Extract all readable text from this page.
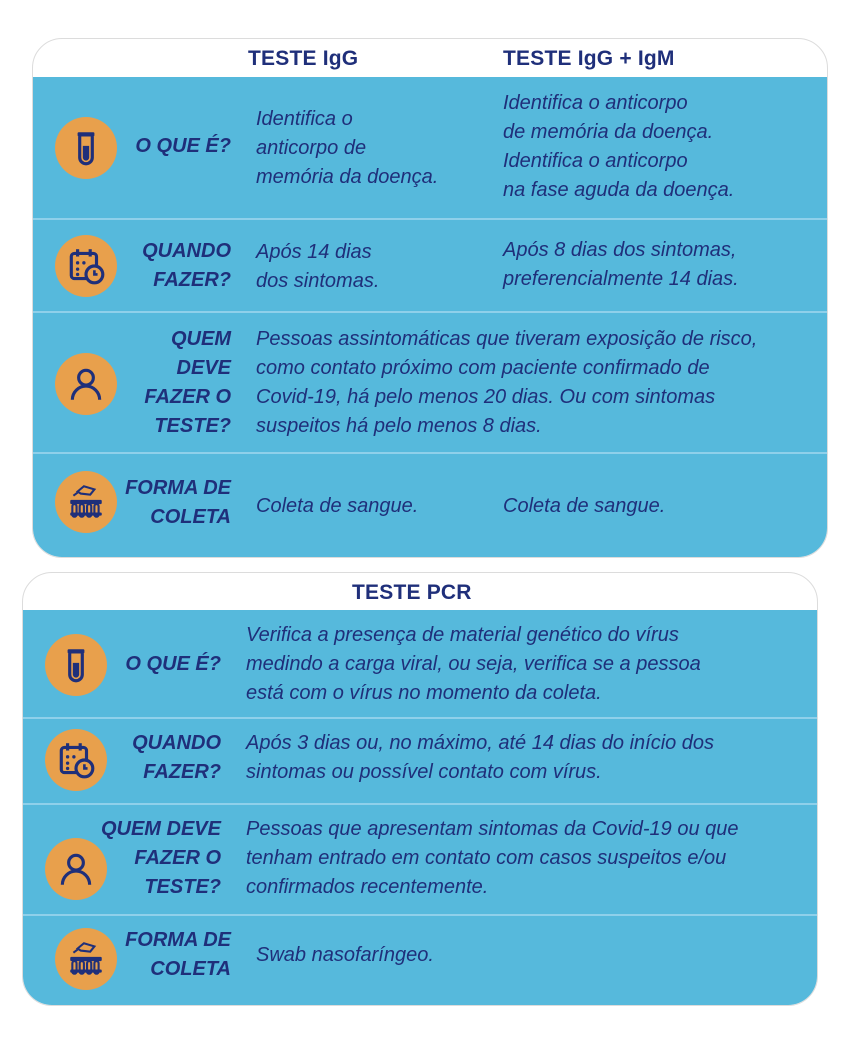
TESTE IgG	TESTE IgG + IgM
O QUE É?
Identifica o
anticorpo de
memória da doença.
Identifica o anticorpo
de memória da doença.
Identifica o anticorpo
na fase aguda da doença.
QUANDO
FAZER?
Após 14 dias
dos sintomas.
Após 8 dias dos sintomas,
preferencialmente 14 dias.
QUEM
DEVE
FAZER O
TESTE?
Pessoas assintomáticas que tiveram exposição de risco,
como contato próximo com paciente confirmado de
Covid-19, há pelo menos 20 dias. Ou com sintomas
suspeitos há pelo menos 8 dias.
FORMA DE
COLETA Coleta de sangue.	Coleta de sangue.
TESTE PCR
O QUE É?
Verifica a presença de material genético do vírus
medindo a carga viral, ou seja, verifica se a pessoa
está com o vírus no momento da coleta.
QUANDO
FAZER?
Após 3 dias ou, no máximo, até 14 dias do início dos
sintomas ou possível contato com vírus.
QUEM DEVE
FAZER O
TESTE?
Pessoas que apresentam sintomas da Covid-19 ou que
tenham entrado em contato com casos suspeitos e/ou
confirmados recentemente.
FORMA DE
COLETA
Swab nasofaríngeo.
